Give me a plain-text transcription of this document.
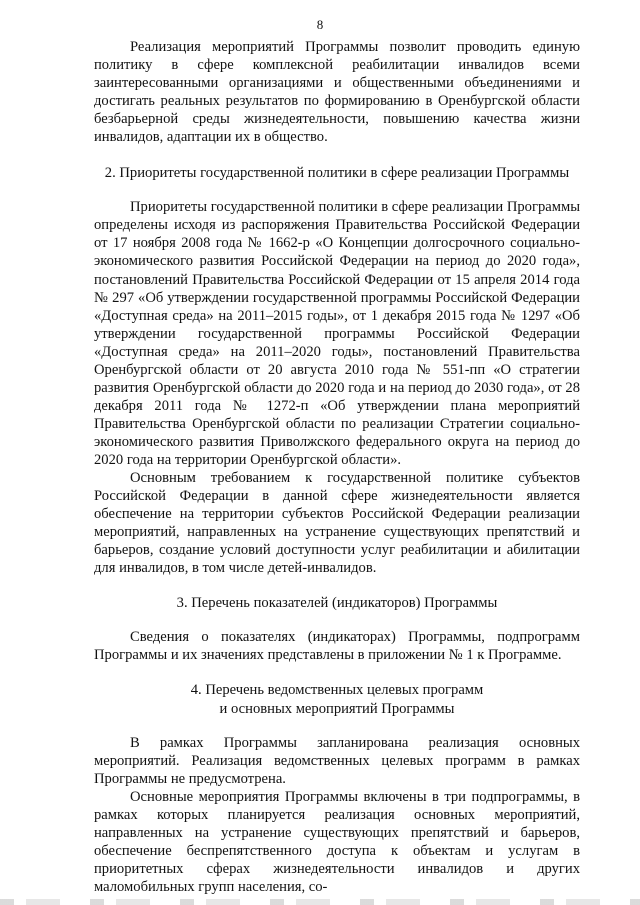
8

Реализация мероприятий Программы позволит проводить единую политику в сфере комплексной реабилитации инвалидов всеми заинтересованными организациями и общественными объединениями и достигать реальных результатов по формированию в Оренбургской области безбарьерной среды жизнедеятельности, повышению качества жизни инвалидов, адаптации их в общество.

2. Приоритеты государственной политики в сфере реализации Программы

Приоритеты государственной политики в сфере реализации Программы определены исходя из распоряжения Правительства Российской Федерации от 17 ноября 2008 года № 1662-р «О Концепции долгосрочного социально-экономического развития Российской Федерации на период до 2020 года», постановлений Правительства Российской Федерации от 15 апреля 2014 года № 297 «Об утверждении государственной программы Российской Федерации «Доступная среда» на 2011–2015 годы», от 1 декабря 2015 года № 1297 «Об утверждении государственной программы Российской Федерации «Доступная среда» на 2011–2020 годы», постановлений Правительства Оренбургской области от 20 августа 2010 года № 551-пп «О стратегии развития Оренбургской области до 2020 года и на период до 2030 года», от 28 декабря 2011 года № 1272-п «Об утверждении плана мероприятий Правительства Оренбургской области по реализации Стратегии социально-экономического развития Приволжского федерального округа на период до 2020 года на территории Оренбургской области».

Основным требованием к государственной политике субъектов Российской Федерации в данной сфере жизнедеятельности является обеспечение на территории субъектов Российской Федерации реализации мероприятий, направленных на устранение существующих препятствий и барьеров, создание условий доступности услуг реабилитации и абилитации для инвалидов, в том числе детей-инвалидов.

3. Перечень показателей (индикаторов) Программы

Сведения о показателях (индикаторах) Программы, подпрограмм Программы и их значениях представлены в приложении № 1 к Программе.

4. Перечень ведомственных целевых программ
и основных мероприятий Программы

В рамках Программы запланирована реализация основных мероприятий. Реализация ведомственных целевых программ в рамках Программы не предусмотрена.

Основные мероприятия Программы включены в три подпрограммы, в рамках которых планируется реализация основных мероприятий, направленных на устранение существующих препятствий и барьеров, обеспечение беспрепятственного доступа к объектам и услугам в приоритетных сферах жизнедеятельности инвалидов и других маломобильных групп населения, со-
